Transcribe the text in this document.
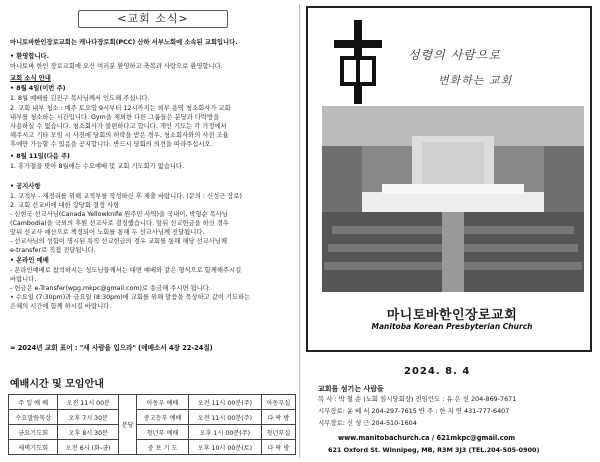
<교회 소식>
마니토바한인장로교회는 캐나다장로회(PCC) 산하 서부노회에 소속된 교회입니다.
• 환영합니다.
마니토바 한인 장로교회에 오신 여러분 환영하고 축복과 사랑으로 환영합니다.
교회 소식 안내
• 8월 4일(이번 주)
1. 8월 예배를 김진구 목사님께서 인도해 주십니다.
2. 교회 내부 청소 : 매주 토요일 9시부터 12시까지는 외부 용역 청소회사가 교회
내부를 청소하는 시간입니다. Gym을 제외한 다른 그룹들은 분당과 다락방을
사용하실 수 없습니다. 청소회사가 불편하다고 합니다. 개인 기도는 각 가정에서
해주시고 기타 모임 시 사전에 당회의 허락을 받은 경우, 청소회사와의 사전 조율
후에만 가능할 수 있음을 공지합니다. 반드시 당회의 의견을 따라주십시오.
• 8월 11일(다음 주)
1. 휴가철을 맞아 8월에는 수요예배 및 교회 기도회가 없습니다.
• 공지사항
1. 교적부 - 재정리를 위해 교적부를 작성하신 후 제출 바랍니다. (문의 : 신성근 장로)
2. 교회 선교비에 대한 강당회 결정 사항
- 신현국 선교사님(Canada Yellowknife 원주민 사역)을 국내이, 박형순 목사님
(Cambodia)을 국외의 후원 선교사로 결정했습니다. 앞뒤 선교헌금을 하신 경우
앞뒤 선교사 예산으로 책정되어 노회를 통해 두 선교사님께 전달됩니다.
- 선교사님의 성함이 명시된 특직 선교헌금의 경우 교회를 통해 해당 선교사님께
e-transfer로 직접 전달됩니다.
• 온라인 예배
- 온라인예배로 참석하시는 성도님들께서는 대면 예배와 같은 형식으로 함께해주시길
바랍니다.
- 헌금은 e-Transfer(wpg.mkpc@gmail.com)로 송금해 주시면 됩니다.
• 수요일 (7:30pm)과 금요일 (8:30pm)에 교회를 위해 말씀을 묵상하고 같이 기도하는
은혜의 시간에 함께 하시길 바랍니다.
= 2024년 교회 표어 : "새 사람을 입으라" (에베소서 4장 22-24절)
예배시간 및 모임안내
주 일 예 배	오전 11시 00분	분당	아동부 예배	오전 11시 00분(주)	아동부실
수요말씀묵상	오후 7시 30분		중고등부 예배	오전 11시 00분(주)	다 락 방
금요기도회	오후 8시 30분		청년부 예배	오후 1시 00분(주)	청년부실
새벽기도회	오전 6시 (화-금)		중 보 기 도	오후 10시 00분(토)	다 락 방
성령의 사람으로
변화하는 교회
마니토바한인장로교회
Manitoba Korean Presbyterian Church
2024. 8. 4
교회를 섬기는 사람들
목 사 : 박 철 순 (노회 임시당회장) 전임인도 : 유 은 선 204-869-7671
시무장로: 윤 베 서 204-297-7615 반 주 : 한 지 연 431-777-6407
시무장로: 신 성 근 204-510-1604
www.manitobachurch.ca / 621mkpc@gmail.com
621 Oxford St. Winnipeg, MB, R3M 3J3 (TEL.204-505-0900)
